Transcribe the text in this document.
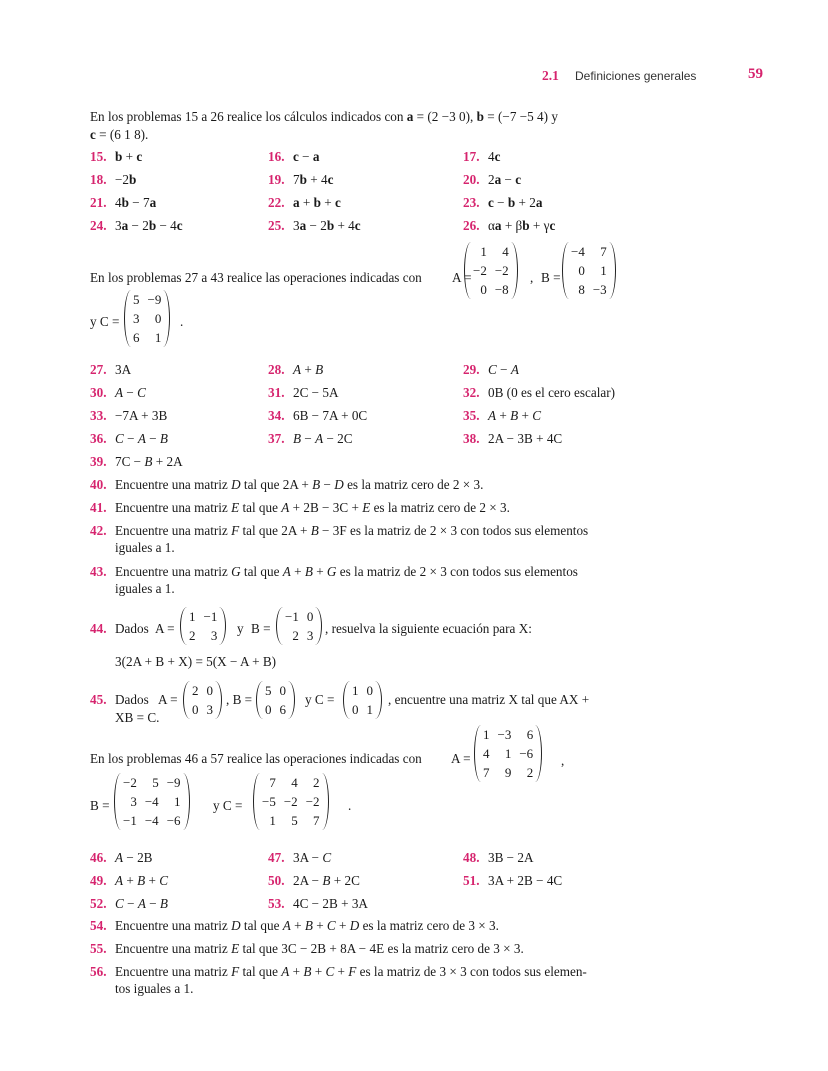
2.1 Definiciones generales	59
En los problemas 15 a 26 realice los cálculos indicados con a = (2 −3 0), b = (−7 −5 4) y
c = (6 1 8).
15. b + c	16. c − a	17. 4c
18. −2b	19. 7b + 4c	20. 2a − c
21. 4b − 7a	22. a + b + c	23. c − b + 2a
24. 3a − 2b − 4c	25. 3a − 2b + 4c	26. αa + βb + γc
En los problemas 27 a 43 realice las operaciones indicadas con A =
1	4
−2	−2
0	−8
, B =
−4	7
0	1
8	−3
y C =
5	−9
3	0
6	1
.
27. 3A	28. A + B	29. C − A
30. A − C	31. 2C − 5A	32. 0B (0 es el cero escalar)
33. −7A + 3B	34. 6B − 7A + 0C	35. A + B + C
36. C − A − B	37. B − A − 2C	38. 2A − 3B + 4C
39. 7C − B + 2A
40. Encuentre una matriz D tal que 2A + B − D es la matriz cero de 2 × 3.
41. Encuentre una matriz E tal que A + 2B − 3C + E es la matriz cero de 2 × 3.
42. Encuentre una matriz F tal que 2A + B − 3F es la matriz de 2 × 3 con todos sus elementos
iguales a 1.
43. Encuentre una matriz G tal que A + B + G es la matriz de 2 × 3 con todos sus elementos
iguales a 1.
44. Dados A =
1	−1
2	3 y B =
−1	0
2	3 , resuelva la siguiente ecuación para X:
3(2A + B + X) = 5(X − A + B)
45. Dados A =
2	0
0	3
, B =
5	0
0	6
y C =
1	0
0	1
, encuentre una matriz X tal que AX +
XB = C.
En los problemas 46 a 57 realice las operaciones indicadas con A =
1	−3	6
4	1	−6
7	9	2
,
B =
−2	5	−9
3	−4	1
−1	−4	−6
y C =
7	4	2
−5	−2	−2
1	5	7
.
46. A − 2B	47. 3A − C	48. 3B − 2A
49. A + B + C	50. 2A − B + 2C	51. 3A + 2B − 4C
52. C − A − B	53. 4C − 2B + 3A
54. Encuentre una matriz D tal que A + B + C + D es la matriz cero de 3 × 3.
55. Encuentre una matriz E tal que 3C − 2B + 8A − 4E es la matriz cero de 3 × 3.
56. Encuentre una matriz F tal que A + B + C + F es la matriz de 3 × 3 con todos sus elemen-
tos iguales a 1.
